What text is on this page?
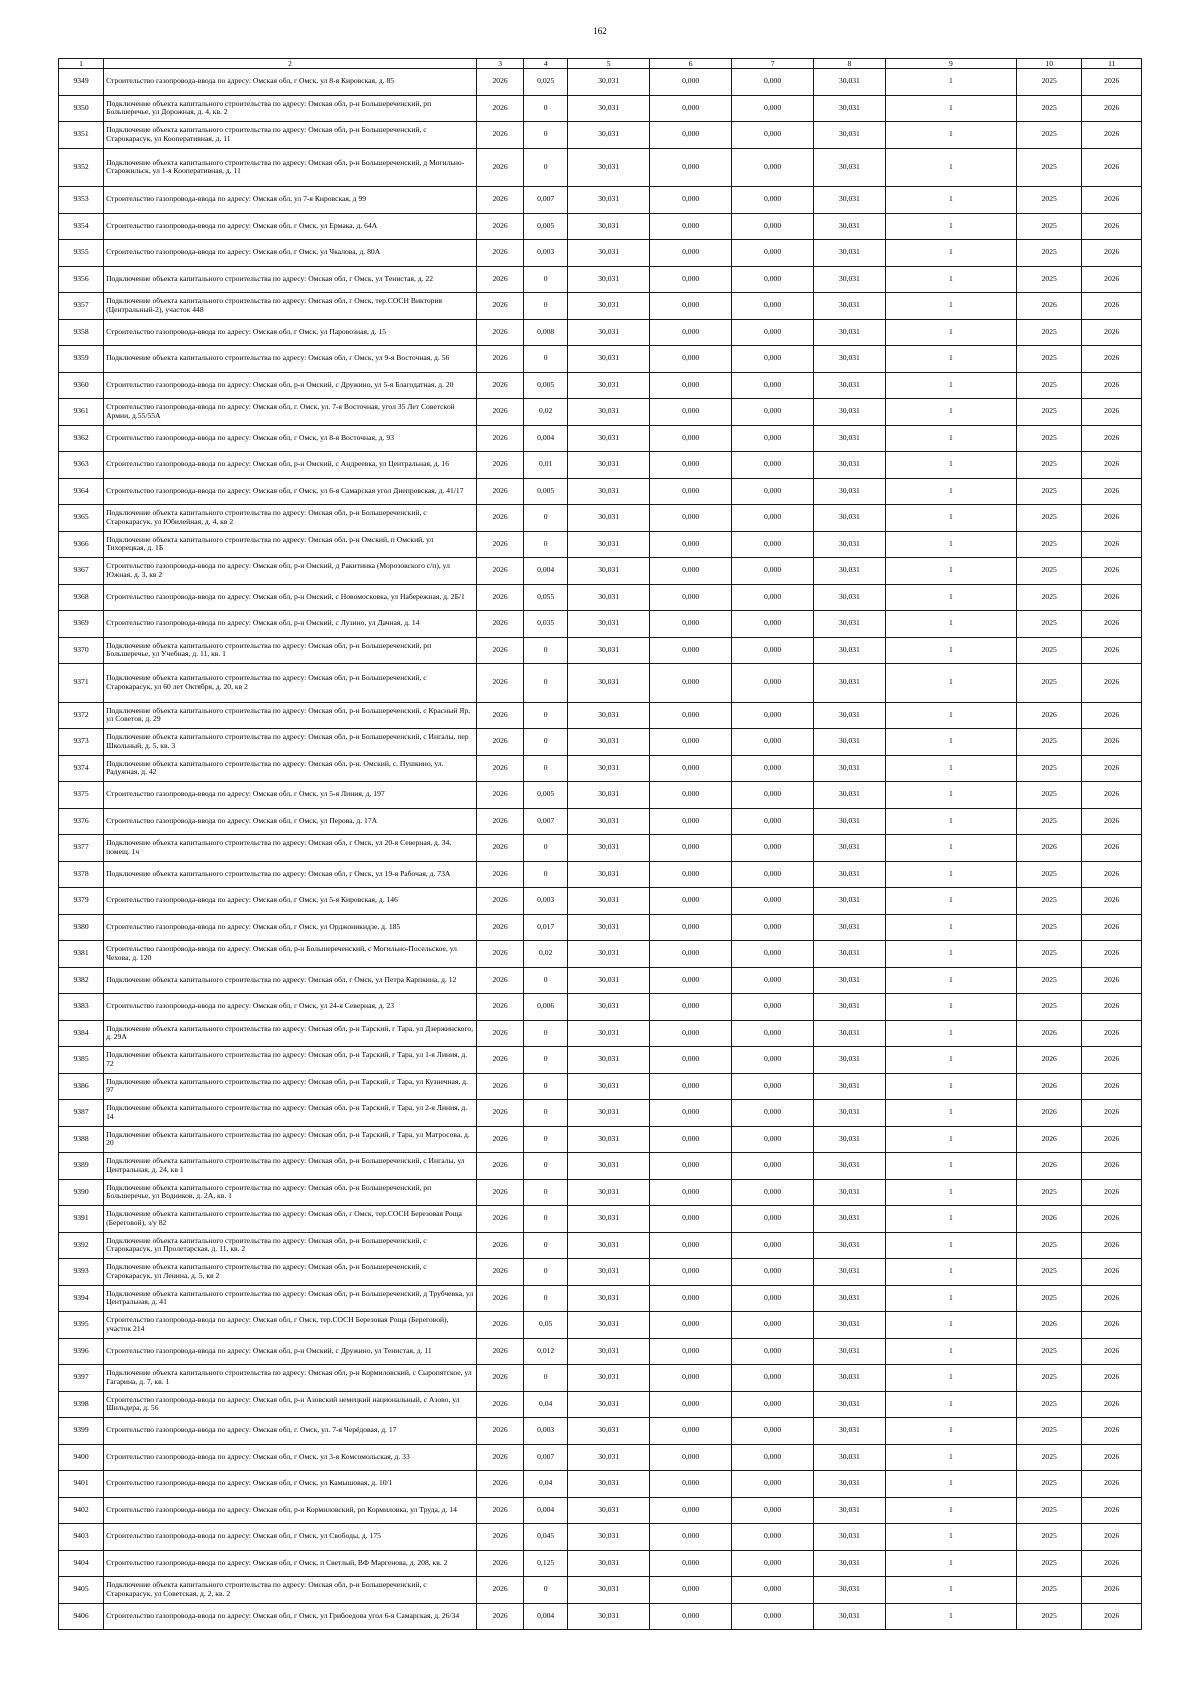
162
1	2	3	4	5	6	7	8	9	10	11
9349	Строительство газопровода-ввода по адресу: Омская обл, г Омск, ул 8-я Кировская, д. 85	2026	0,025	30,031	0,000	0,000	30,031	1	2025	2026
9350	Подключение объекта капитального строительства по адресу: Омская обл, р-н Большереченский, рп Большеречье, ул Дорожная, д. 4, кв. 2	2026	0	30,031	0,000	0,000	30,031	1	2025	2026
9351	Подключение объекта капитального строительства по адресу: Омская обл, р-н Большереченский, с Старокарасук, ул Кооперативная, д. 11	2026	0	30,031	0,000	0,000	30,031	1	2025	2026
9352	Подключение объекта капитального строительства по адресу: Омская обл, р-н Большереченский, д Могильно-Старожильск, ул 1-я Кооперативная, д. 11	2026	0	30,031	0,000	0,000	30,031	1	2025	2026
9353	Строительство газопровода-ввода по адресу: Омская обл, ул 7-я Кировская, д 99	2026	0,007	30,031	0,000	0,000	30,031	1	2025	2026
9354	Строительство газопровода-ввода по адресу: Омская обл, г Омск, ул Ермака, д. 64А	2026	0,005	30,031	0,000	0,000	30,031	1	2025	2026
9355	Строительство газопровода-ввода по адресу: Омская обл, г Омск, ул Чкалова, д. 80А	2026	0,003	30,031	0,000	0,000	30,031	1	2025	2026
9356	Подключение объекта капитального строительства по адресу: Омская обл, г Омск, ул Тенистая, д. 22	2026	0	30,031	0,000	0,000	30,031	1	2025	2026
9357	Подключение объекта капитального строительства по адресу: Омская обл, г Омск, тер.СОСН Виктория (Центральный-2), участок 448	2026	0	30,031	0,000	0,000	30,031	1	2026	2026
9358	Строительство газопровода-ввода по адресу: Омская обл, г Омск, ул Паровозная, д. 15	2026	0,008	30,031	0,000	0,000	30,031	1	2025	2026
9359	Подключение объекта капитального строительства по адресу: Омская обл, г Омск, ул 9-я Восточная, д. 56	2026	0	30,031	0,000	0,000	30,031	1	2025	2026
9360	Строительство газопровода-ввода по адресу: Омская обл, р-н Омский, с Дружино, ул 5-я Благодатная, д. 20	2026	0,005	30,031	0,000	0,000	30,031	1	2025	2026
9361	Строительство газопровода-ввода по адресу: Омская обл, г. Омск, ул. 7-я Восточная, угол 35 Лет Советской Армии, д.55/55А	2026	0,02	30,031	0,000	0,000	30,031	1	2025	2026
9362	Строительство газопровода-ввода по адресу: Омская обл, г Омск, ул 8-я Восточная, д. 93	2026	0,004	30,031	0,000	0,000	30,031	1	2025	2026
9363	Строительство газопровода-ввода по адресу: Омская обл, р-н Омский, с Андреевка, ул Центральная, д. 16	2026	0,01	30,031	0,000	0,000	30,031	1	2025	2026
9364	Строительство газопровода-ввода по адресу: Омская обл, г Омск, ул 6-я Самарская угол Днепровская, д. 41/17	2026	0,005	30,031	0,000	0,000	30,031	1	2025	2026
9365	Подключение объекта капитального строительства по адресу: Омская обл, р-н Большереченский, с Старокарасук, ул Юбилейная, д. 4, кв 2	2026	0	30,031	0,000	0,000	30,031	1	2025	2026
9366	Подключение объекта капитального строительства по адресу: Омская обл, р-н Омский, п Омский, ул Тихорецкая, д. 1Б	2026	0	30,031	0,000	0,000	30,031	1	2025	2026
9367	Строительство газопровода-ввода по адресу: Омская обл, р-н Омский, д Ракитинка (Морозовского с/п), ул Южная, д. 3, кв 2	2026	0,004	30,031	0,000	0,000	30,031	1	2025	2026
9368	Строительство газопровода-ввода по адресу: Омская обл, р-н Омский, с Новомосковка, ул Набережная, д. 2Б/1	2026	0,055	30,031	0,000	0,000	30,031	1	2025	2026
9369	Строительство газопровода-ввода по адресу: Омская обл, р-н Омский, с Лузино, ул Дачная, д. 14	2026	0,035	30,031	0,000	0,000	30,031	1	2025	2026
9370	Подключение объекта капитального строительства по адресу: Омская обл, р-н Большереченский, рп Большеречье, ул Учебная, д. 11, кв. 1	2026	0	30,031	0,000	0,000	30,031	1	2025	2026
9371	Подключение объекта капитального строительства по адресу: Омская обл, р-н Большереченский, с Старокарасук, ул 60 лет Октября, д. 20, кв 2	2026	0	30,031	0,000	0,000	30,031	1	2025	2026
9372	Подключение объекта капитального строительства по адресу: Омская обл, р-н Большереченский, с Красный Яр, ул Советов, д. 29	2026	0	30,031	0,000	0,000	30,031	1	2026	2026
9373	Подключение объекта капитального строительства по адресу: Омская обл, р-н Большереченский, с Ингалы, пер Школьный, д. 5, кв. 3	2026	0	30,031	0,000	0,000	30,031	1	2025	2026
9374	Подключение объекта капитального строительства по адресу: Омская обл, р-н. Омский, с. Пушкино, ул. Радужная, д. 42	2026	0	30,031	0,000	0,000	30,031	1	2025	2026
9375	Строительство газопровода-ввода по адресу: Омская обл, г Омск, ул 5-я Линия, д. 197	2026	0,005	30,031	0,000	0,000	30,031	1	2025	2026
9376	Строительство газопровода-ввода по адресу: Омская обл, г Омск, ул Перова, д. 17А	2026	0,007	30,031	0,000	0,000	30,031	1	2025	2026
9377	Подключение объекта капитального строительства по адресу: Омская обл, г Омск, ул 20-я Северная, д. 34, помещ. 1ч	2026	0	30,031	0,000	0,000	30,031	1	2026	2026
9378	Подключение объекта капитального строительства по адресу: Омская обл, г Омск, ул 19-я Рабочая, д. 73А	2026	0	30,031	0,000	0,000	30,031	1	2025	2026
9379	Строительство газопровода-ввода по адресу: Омская обл, г Омск, ул 5-я Кировская, д. 146	2026	0,003	30,031	0,000	0,000	30,031	1	2025	2026
9380	Строительство газопровода-ввода по адресу: Омская обл, г Омск, ул Орджоникидзе, д. 185	2026	0,017	30,031	0,000	0,000	30,031	1	2025	2026
9381	Строительство газопровода-ввода по адресу: Омская обл, р-н Большереченский, с Могильно-Посельское, ул Чехова, д. 120	2026	0,02	30,031	0,000	0,000	30,031	1	2025	2026
9382	Подключение объекта капитального строительства по адресу: Омская обл, г Омск, ул Петра Карпкина, д. 12	2026	0	30,031	0,000	0,000	30,031	1	2025	2026
9383	Строительство газопровода-ввода по адресу: Омская обл, г Омск, ул 24-я Северная, д. 23	2026	0,006	30,031	0,000	0,000	30,031	1	2025	2026
9384	Подключение объекта капитального строительства по адресу: Омская обл, р-н Тарский, г Тара, ул Дзержинского, д. 29А	2026	0	30,031	0,000	0,000	30,031	1	2026	2026
9385	Подключение объекта капитального строительства по адресу: Омская обл, р-н Тарский, г Тара, ул 1-я Линия, д. 72	2026	0	30,031	0,000	0,000	30,031	1	2026	2026
9386	Подключение объекта капитального строительства по адресу: Омская обл, р-н Тарский, г Тара, ул Кузнечная, д. 97	2026	0	30,031	0,000	0,000	30,031	1	2026	2026
9387	Подключение объекта капитального строительства по адресу: Омская обл, р-н Тарский, г Тара, ул 2-я Линия, д. 14	2026	0	30,031	0,000	0,000	30,031	1	2026	2026
9388	Подключение объекта капитального строительства по адресу: Омская обл, р-н Тарский, г Тара, ул Матросова, д. 20	2026	0	30,031	0,000	0,000	30,031	1	2026	2026
9389	Подключение объекта капитального строительства по адресу: Омская обл, р-н Большереченский, с Ингалы, ул Центральная, д. 24, кв 1	2026	0	30,031	0,000	0,000	30,031	1	2026	2026
9390	Подключение объекта капитального строительства по адресу: Омская обл, р-н Большереченский, рп Большеречье, ул Водников, д. 2А, кв. 1	2026	0	30,031	0,000	0,000	30,031	1	2025	2026
9391	Подключение объекта капитального строительства по адресу: Омская обл, г Омск, тер.СОСН Березовая Роща (Береговой), з/у 82	2026	0	30,031	0,000	0,000	30,031	1	2026	2026
9392	Подключение объекта капитального строительства по адресу: Омская обл, р-н Большереченский, с Старокарасук, ул Пролетарская, д. 11, кв. 2	2026	0	30,031	0,000	0,000	30,031	1	2025	2026
9393	Подключение объекта капитального строительства по адресу: Омская обл, р-н Большереченский, с Старокарасук, ул Ленина, д. 5, кв 2	2026	0	30,031	0,000	0,000	30,031	1	2025	2026
9394	Подключение объекта капитального строительства по адресу: Омская обл, р-н Большереченский, д Трубчевка, ул Центральная, д. 41	2026	0	30,031	0,000	0,000	30,031	1	2025	2026
9395	Строительство газопровода-ввода по адресу: Омская обл, г Омск, тер.СОСН Березовая Роща (Береговой), участок 214	2026	0,05	30,031	0,000	0,000	30,031	1	2026	2026
9396	Строительство газопровода-ввода по адресу: Омская обл, р-н Омский, с Дружино, ул Тенистая, д. 11	2026	0,012	30,031	0,000	0,000	30,031	1	2025	2026
9397	Подключение объекта капитального строительства по адресу: Омская обл, р-н Кормиловский, с Сыропятское, ул Гагарина, д. 7, кв. 1	2026	0	30,031	0,000	0,000	30,031	1	2025	2026
9398	Строительство газопровода-ввода по адресу: Омская обл, р-н Азовский немецкий национальный, с Азово, ул Шильдера, д. 56	2026	0,04	30,031	0,000	0,000	30,031	1	2025	2026
9399	Строительство газопровода-ввода по адресу: Омская обл, г. Омск, ул. 7-я Черёдовая, д. 17	2026	0,003	30,031	0,000	0,000	30,031	1	2025	2026
9400	Строительство газопровода-ввода по адресу: Омская обл, г Омск, ул 3-я Комсомольская, д. 33	2026	0,007	30,031	0,000	0,000	30,031	1	2025	2026
9401	Строительство газопровода-ввода по адресу: Омская обл, г Омск, ул Камышовая, д. 10/1	2026	0,04	30,031	0,000	0,000	30,031	1	2025	2026
9402	Строительство газопровода-ввода по адресу: Омская обл, р-н Кормиловский, рп Кормиловка, ул Труда, д. 14	2026	0,004	30,031	0,000	0,000	30,031	1	2025	2026
9403	Строительство газопровода-ввода по адресу: Омская обл, г Омск, ул Свободы, д. 175	2026	0,045	30,031	0,000	0,000	30,031	1	2025	2026
9404	Строительство газопровода-ввода по адресу: Омская обл, г Омск, п Светлый, ВФ Маргенова, д. 208, кв. 2	2026	0,125	30,031	0,000	0,000	30,031	1	2025	2026
9405	Подключение объекта капитального строительства по адресу: Омская обл, р-н Большереченский, с Старокарасук, ул Советская, д. 2, кв. 2	2026	0	30,031	0,000	0,000	30,031	1	2025	2026
9406	Строительство газопровода-ввода по адресу: Омская обл, г Омск, ул Грибоедова угол 6-я Самарская, д. 26/34	2026	0,004	30,031	0,000	0,000	30,031	1	2025	2026
